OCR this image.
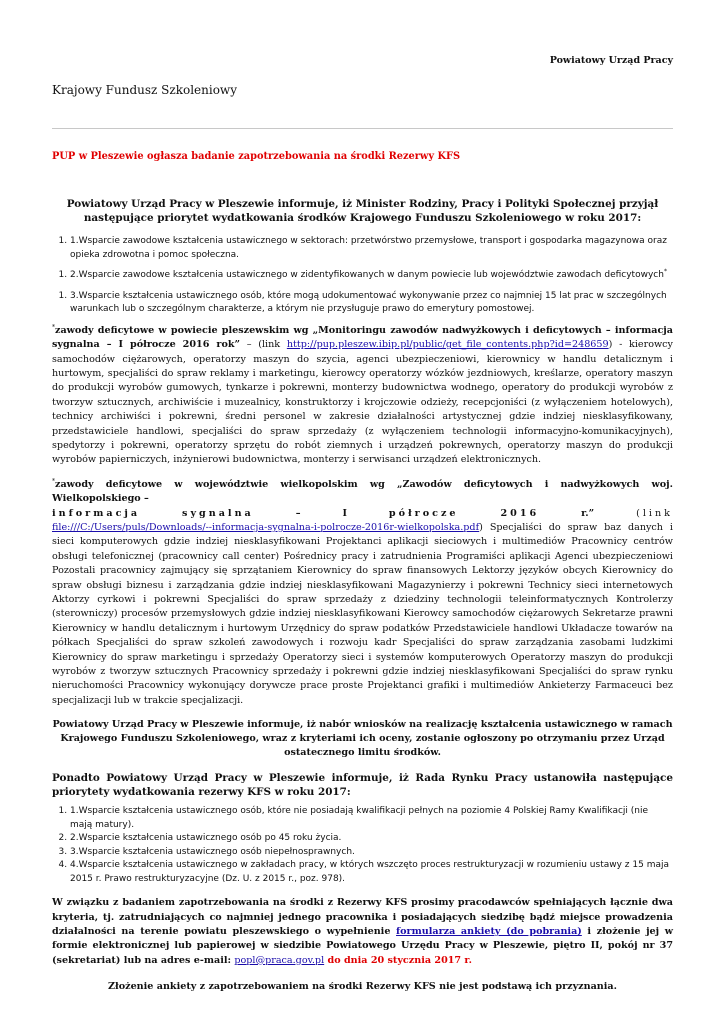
Powiatowy Urząd Pracy
Krajowy Fundusz Szkoleniowy

PUP w Pleszewie ogłasza badanie zapotrzebowania na środki Rezerwy KFS

Powiatowy Urząd Pracy w Pleszewie informuje, iż Minister Rodziny, Pracy i Polityki Społecznej przyjął następujące priorytet wydatkowania środków Krajowego Funduszu Szkoleniowego w roku 2017:

1. 1.Wsparcie zawodowe kształcenia ustawicznego w sektorach: przetwórstwo przemysłowe, transport i gospodarka magazynowa oraz opieka zdrowotna i pomoc społeczna.
1. 2.Wsparcie zawodowe kształcenia ustawicznego w zidentyfikowanych w danym powiecie lub województwie zawodach deficytowych*
1. 3.Wsparcie kształcenia ustawicznego osób, które mogą udokumentować wykonywanie przez co najmniej 15 lat prac w szczególnych warunkach lub o szczególnym charakterze, a którym nie przysługuje prawo do emerytury pomostowej.

*zawody deficytowe w powiecie pleszewskim wg „Monitoringu zawodów nadwyżkowych i deficytowych – informacja sygnalna – I półrocze 2016 rok” – (link http://pup.pleszew.ibip.pl/public/get_file_contents.php?id=248659) - kierowcy samochodów ciężarowych, operatorzy maszyn do szycia, agenci ubezpieczeniowi, kierownicy w handlu detalicznym i hurtowym, specjaliści do spraw reklamy i marketingu, kierowcy operatorzy wózków jezdniowych, kreślarze, operatory maszyn do produkcji wyrobów gumowych, tynkarze i pokrewni, monterzy budownictwa wodnego, operatory do produkcji wyrobów z tworzyw sztucznych, archiwiście i muzealnicy, konstruktorzy i krojczowie odzieży, recepcjoniści (z wyłączeniem hotelowych), technicy archiwiści i pokrewni, średni personel w zakresie działalności artystycznej gdzie indziej niesklasyfikowany, przedstawiciele handlowi, specjaliści do spraw sprzedaży (z wyłączeniem technologii informacyjno-komunikacyjnych), spedytorzy i pokrewni, operatorzy sprzętu do robót ziemnych i urządzeń pokrewnych, operatorzy maszyn do produkcji wyrobów papierniczych, inżynierowi budownictwa, monterzy i serwisanci urządzeń elektronicznych.

*zawody deficytowe w województwie wielkopolskim wg „Zawodów deficytowych i nadwyżkowych woj. Wielkopolskiego –
informacja	sygnalna	–	I	półrocze	2016	r.”	(link
file:///C:/Users/puls/Downloads/--informacja-sygnalna-i-polrocze-2016r-wielkopolska.pdf) Specjaliści do spraw baz danych i sieci komputerowych gdzie indziej niesklasyfikowani Projektanci aplikacji sieciowych i multimediów Pracownicy centrów obsługi telefonicznej (pracownicy call center) Pośrednicy pracy i zatrudnienia Programiści aplikacji Agenci ubezpieczeniowi Pozostali pracownicy zajmujący się sprzątaniem Kierownicy do spraw finansowych Lektorzy języków obcych Kierownicy do spraw obsługi biznesu i zarządzania gdzie indziej niesklasyfikowani Magazynierzy i pokrewni Technicy sieci internetowych Aktorzy cyrkowi i pokrewni Specjaliści do spraw sprzedaży z dziedziny technologii teleinformatycznych Kontrolerzy (sterowniczy) procesów przemysłowych gdzie indziej niesklasyfikowani Kierowcy samochodów ciężarowych Sekretarze prawni Kierownicy w handlu detalicznym i hurtowym Urzędnicy do spraw podatków Przedstawiciele handlowi Układacze towarów na półkach Specjaliści do spraw szkoleń zawodowych i rozwoju kadr Specjaliści do spraw zarządzania zasobami ludzkimi Kierownicy do spraw marketingu i sprzedaży Operatorzy sieci i systemów komputerowych Operatorzy maszyn do produkcji wyrobów z tworzyw sztucznych Pracownicy sprzedaży i pokrewni gdzie indziej niesklasyfikowani Specjaliści do spraw rynku nieruchomości Pracownicy wykonujący dorywcze prace proste Projektanci grafiki i multimediów Ankieterzy Farmaceuci bez specjalizacji lub w trakcie specjalizacji.

Powiatowy Urząd Pracy w Pleszewie informuje, iż nabór wniosków na realizację kształcenia ustawicznego w ramach Krajowego Funduszu Szkoleniowego, wraz z kryteriami ich oceny, zostanie ogłoszony po otrzymaniu przez Urząd ostatecznego limitu środków.

Ponadto Powiatowy Urząd Pracy w Pleszewie informuje, iż Rada Rynku Pracy ustanowiła następujące priorytety wydatkowania rezerwy KFS w roku 2017:

1. 1.Wsparcie kształcenia ustawicznego osób, które nie posiadają kwalifikacji pełnych na poziomie 4 Polskiej Ramy Kwalifikacji (nie mają matury).
2. 2.Wsparcie kształcenia ustawicznego osób po 45 roku życia.
3. 3.Wsparcie kształcenia ustawicznego osób niepełnosprawnych.
4. 4.Wsparcie kształcenia ustawicznego w zakładach pracy, w których wszczęto proces restrukturyzacji w rozumieniu ustawy z 15 maja 2015 r. Prawo restrukturyzacyjne (Dz. U. z 2015 r., poz. 978).

W związku z badaniem zapotrzebowania na środki z Rezerwy KFS prosimy pracodawców spełniających łącznie dwa kryteria, tj. zatrudniających co najmniej jednego pracownika i posiadających siedzibę bądź miejsce prowadzenia działalności na terenie powiatu pleszewskiego o wypełnienie formularza ankiety (do pobrania) i złożenie jej w formie elektronicznej lub papierowej w siedzibie Powiatowego Urzędu Pracy w Pleszewie, piętro II, pokój nr 37 (sekretariat) lub na adres e-mail: popl@praca.gov.pl do dnia 20 stycznia 2017 r.

Złożenie ankiety z zapotrzebowaniem na środki Rezerwy KFS nie jest podstawą ich przyznania.
